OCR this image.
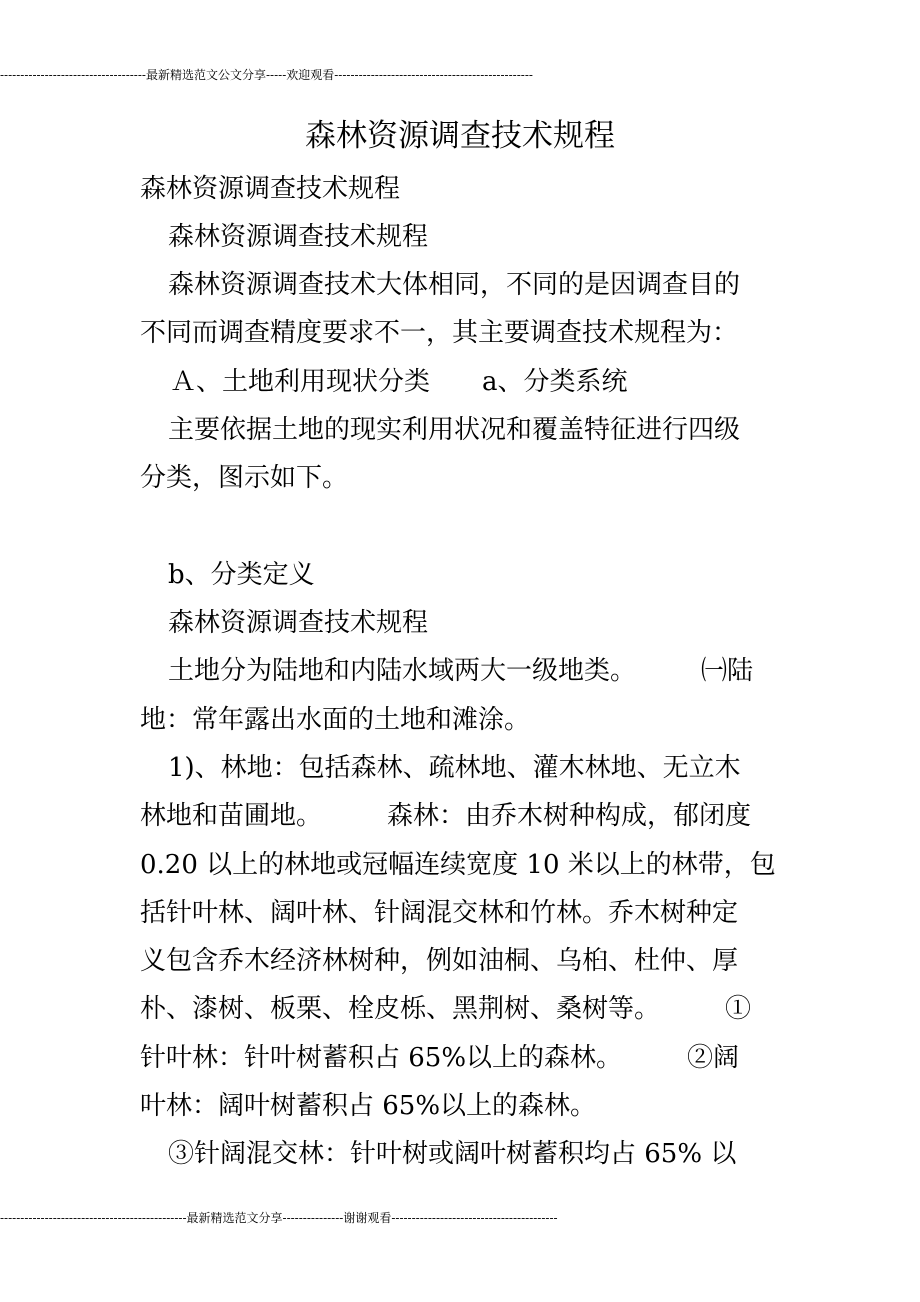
------------------------------------最新精选范文公文分享-----欢迎观看-------------------------------------------------
森林资源调查技术规程
森林资源调查技术规程
森林资源调查技术规程
森林资源调查技术大体相同，不同的是因调查目的
不同而调查精度要求不一，其主要调查技术规程为：
Ａ、土地利用现状分类　　a、分类系统
主要依据土地的现实利用状况和覆盖特征进行四级
分类，图示如下。
b、分类定义
森林资源调查技术规程
土地分为陆地和内陆水域两大一级地类。　　　㈠陆
地：常年露出水面的土地和滩涂。
1)、林地：包括森林、疏林地、灌木林地、无立木
林地和苗圃地。　　　森林：由乔木树种构成，郁闭度
0.20 以上的林地或冠幅连续宽度 10 米以上的林带，包
括针叶林、阔叶林、针阔混交林和竹林。乔木树种定
义包含乔木经济林树种，例如油桐、乌桕、杜仲、厚
朴、漆树、板栗、栓皮栎、黑荆树、桑树等。　　　①
针叶林：针叶树蓄积占 65%以上的森林。　　　②阔
叶林：阔叶树蓄积占 65%以上的森林。
③针阔混交林：针叶树或阔叶树蓄积均占 65% 以
----------------------------------------------最新精选范文分享---------------谢谢观看-----------------------------------------
